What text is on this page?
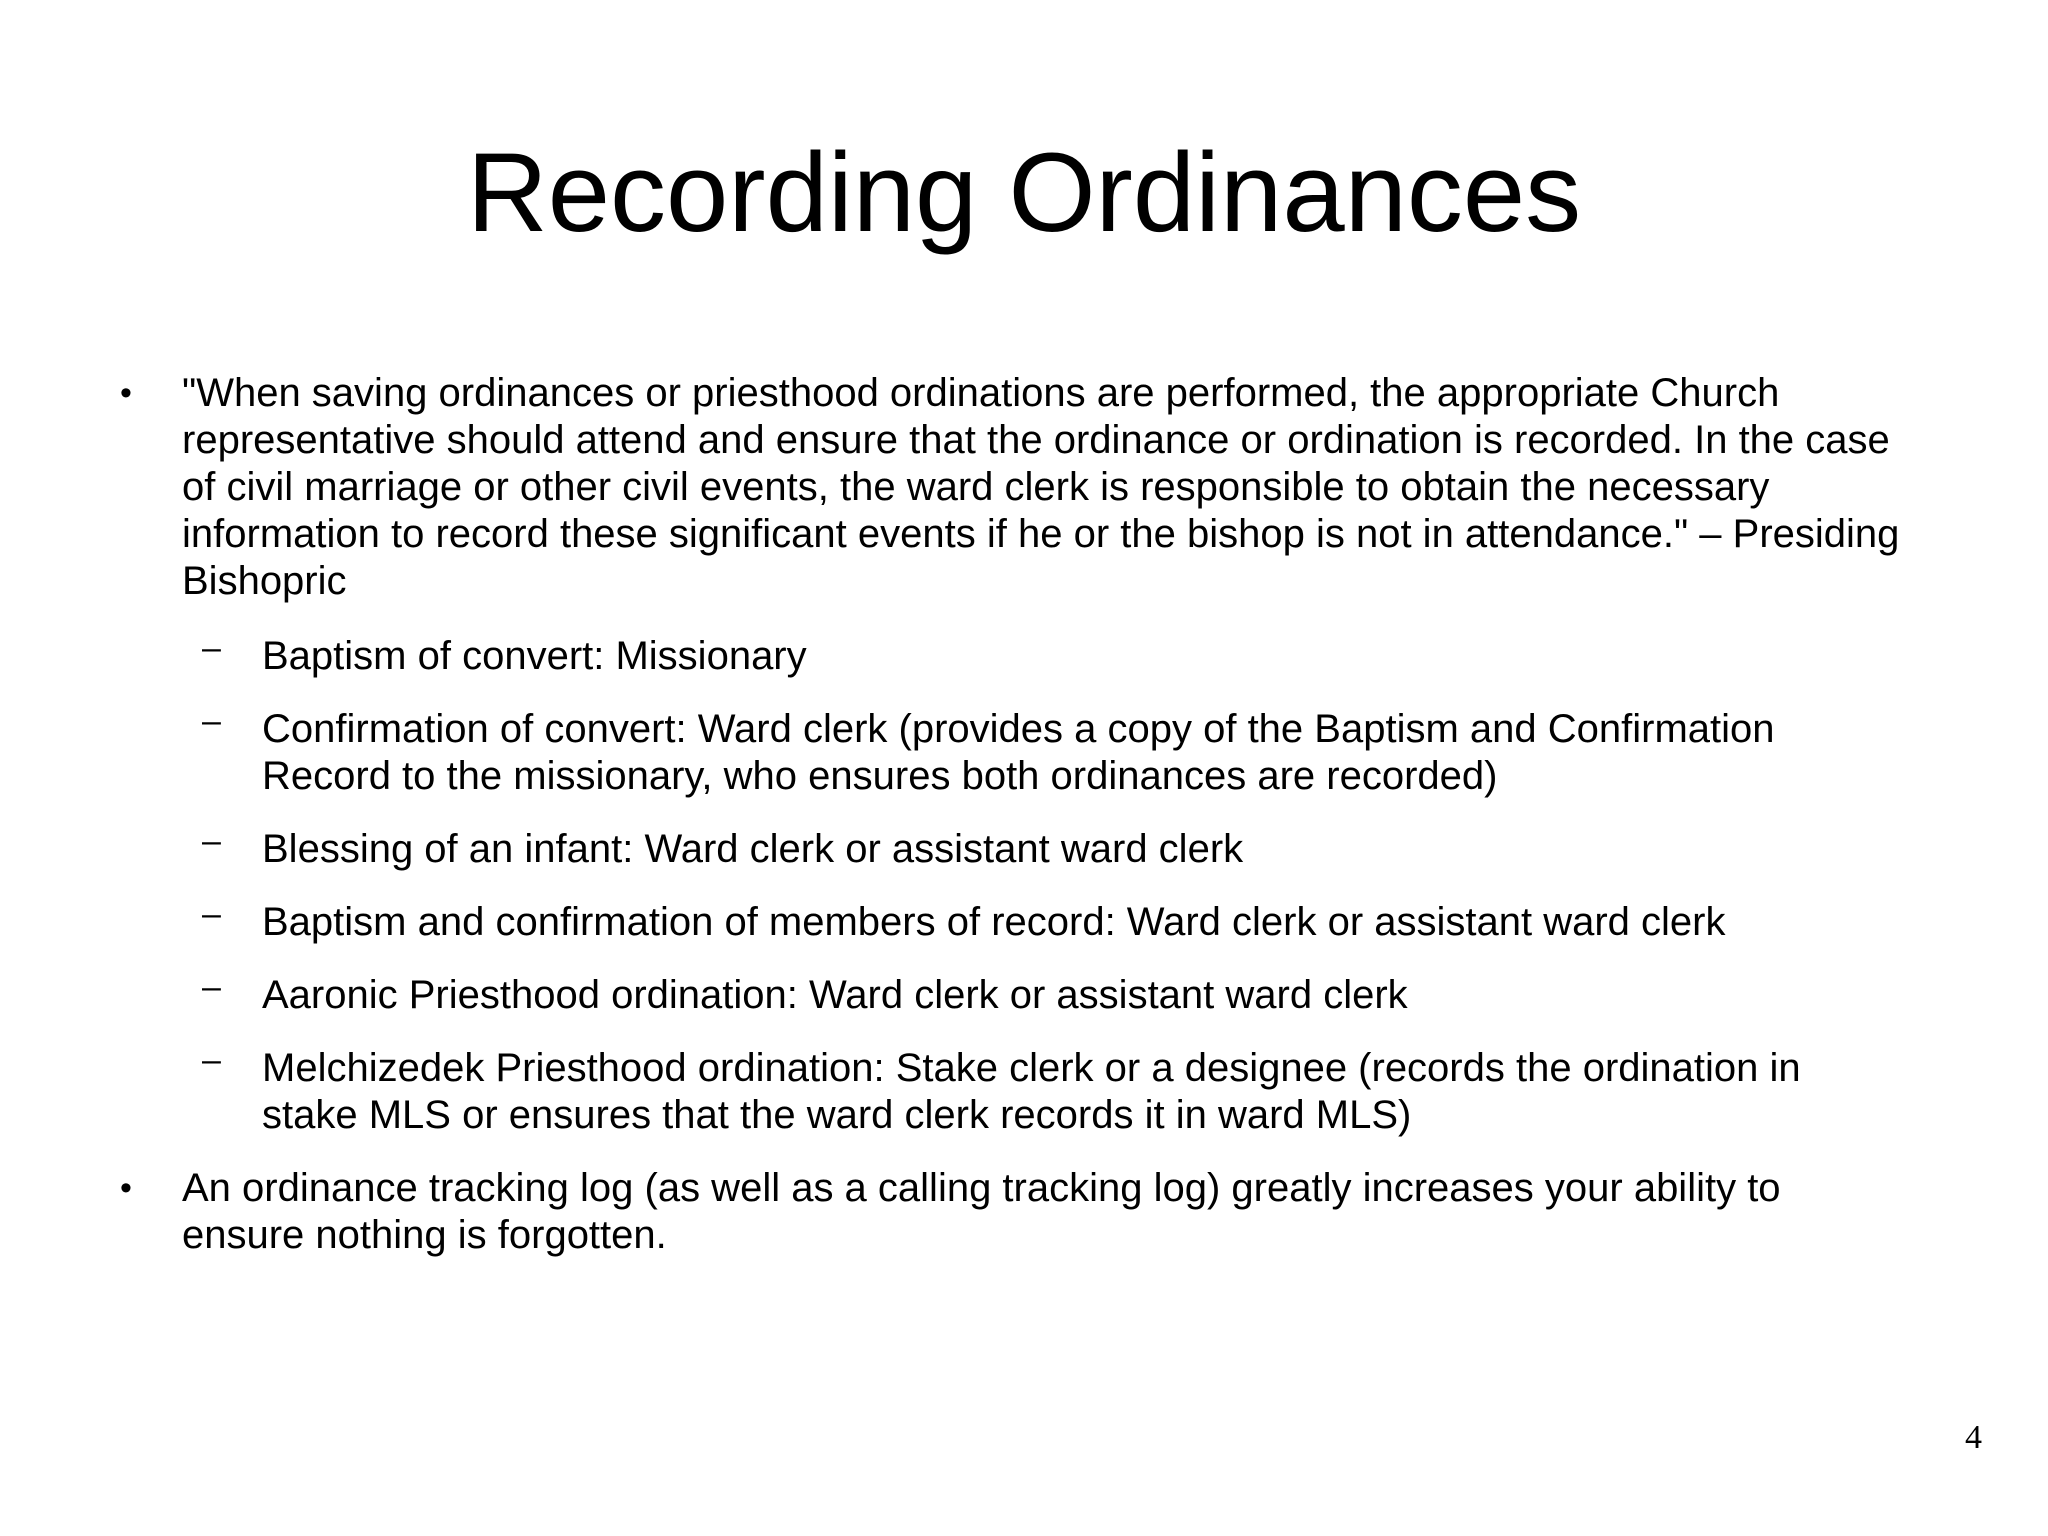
Recording Ordinances
•	"When saving ordinances or priesthood ordinations are performed, the appropriate Church representative should attend and ensure that the ordinance or ordination is recorded. In the case of civil marriage or other civil events, the ward clerk is responsible to obtain the necessary information to record these significant events if he or the bishop is not in attendance." – Presiding Bishopric
– Baptism of convert: Missionary
– Confirmation of convert: Ward clerk (provides a copy of the Baptism and Confirmation Record to the missionary, who ensures both ordinances are recorded)
– Blessing of an infant: Ward clerk or assistant ward clerk
– Baptism and confirmation of members of record: Ward clerk or assistant ward clerk
– Aaronic Priesthood ordination: Ward clerk or assistant ward clerk
– Melchizedek Priesthood ordination: Stake clerk or a designee (records the ordination in stake MLS or ensures that the ward clerk records it in ward MLS)
•	An ordinance tracking log (as well as a calling tracking log) greatly increases your ability to ensure nothing is forgotten.
4
